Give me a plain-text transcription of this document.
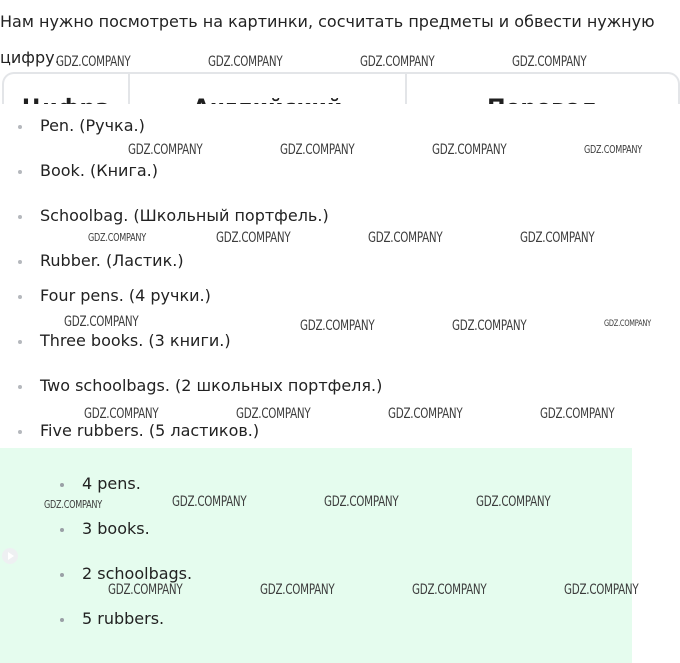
Нам нужно посмотреть на картинки, сосчитать предметы и обвести нужную цифру.
Pen. (Ручка.)
Book. (Книга.)
Schoolbag. (Школьный портфель.)
Rubber. (Ластик.)
Four pens. (4 ручки.)
Three books. (3 книги.)
Two schoolbags. (2 школьных портфеля.)
Five rubbers. (5 ластиков.)
4 pens.
3 books.
2 schoolbags.
5 rubbers.
GDZ.COMPANY	GDZ.COMPANY	GDZ.COMPANY	GDZ.COMPANY
GDZ.COMPANY	GDZ.COMPANY	GDZ.COMPANY	GDZ.COMPANY
GDZ.COMPANY	GDZ.COMPANY	GDZ.COMPANY	GDZ.COMPANY
GDZ.COMPANY	GDZ.COMPANY	GDZ.COMPANY	GDZ.COMPANY
GDZ.COMPANY	GDZ.COMPANY	GDZ.COMPANY	GDZ.COMPANY
GDZ.COMPANY	GDZ.COMPANY	GDZ.COMPANY	GDZ.COMPANY
GDZ.COMPANY	GDZ.COMPANY	GDZ.COMPANY	GDZ.COMPANY
